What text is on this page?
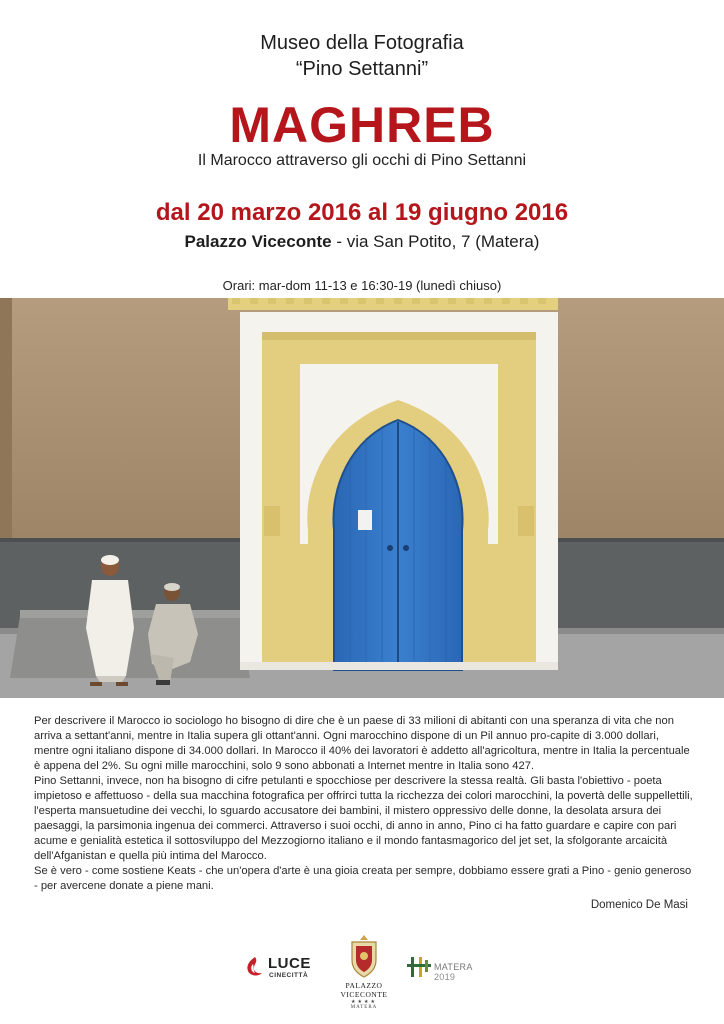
Museo della Fotografia
“Pino Settanni”
MAGHREB
Il Marocco attraverso gli occhi di Pino Settanni
dal 20 marzo 2016 al 19 giugno 2016
Palazzo Viceconte - via San Potito, 7 (Matera)
Orari: mar-dom 11-13 e 16:30-19 (lunedì chiuso)

Per descrivere il Marocco io sociologo ho bisogno di dire che è un paese di 33 milioni di abitanti con una speranza di vita che non arriva a settant'anni, mentre in Italia supera gli ottant'anni. Ogni marocchino dispone di un Pil annuo pro-capite di 3.000 dollari, mentre ogni italiano dispone di 34.000 dollari. In Marocco il 40% dei lavoratori è addetto all'agricoltura, mentre in Italia la percentuale è appena del 2%. Su ogni mille marocchini, solo 9 sono abbonati a Internet mentre in Italia sono 427.

Pino Settanni, invece, non ha bisogno di cifre petulanti e spocchiose per descrivere la stessa realtà. Gli basta l'obiettivo - poeta impietoso e affettuoso - della sua macchina fotografica per offrirci tutta la ricchezza dei colori marocchini, la povertà delle suppellettili, l'esperta mansuetudine dei vecchi, lo sguardo accusatore dei bambini, il mistero oppressivo delle donne, la desolata arsura dei paesaggi, la parsimonia ingenua dei commerci. Attraverso i suoi occhi, di anno in anno, Pino ci ha fatto guardare e capire con pari acume e genialità estetica il sottosviluppo del Mezzogiorno italiano e il mondo fantasmagorico del jet set, la sfolgorante arcaicità dell'Afganistan e quella più intima del Marocco.

Se è vero - come sostiene Keats - che un'opera d'arte è una gioia creata per sempre, dobbiamo essere grati a Pino - genio generoso - per avercene donate a piene mani.

Domenico De Masi
LUCE
CINECITTÀ
PALAZZO VICECONTE
★★★★
MATERA
MATERA 2019
